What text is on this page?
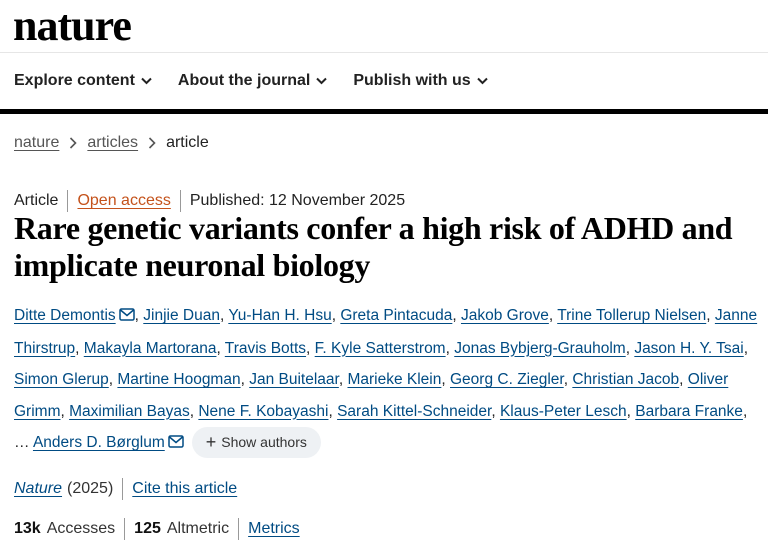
nature
Explore content	About the journal	Publish with us
nature articles article
Article Open access Published: 12 November 2025
Rare genetic variants confer a high risk of ADHD and implicate neuronal biology
Ditte Demontis , Jinjie Duan, Yu-Han H. Hsu, Greta Pintacuda, Jakob Grove, Trine Tollerup Nielsen, Janne Thirstrup, Makayla Martorana, Travis Botts, F. Kyle Satterstrom, Jonas Bybjerg-Grauholm, Jason H. Y. Tsai, Simon Glerup, Martine Hoogman, Jan Buitelaar, Marieke Klein, Georg C. Ziegler, Christian Jacob, Oliver Grimm, Maximilian Bayas, Nene F. Kobayashi, Sarah Kittel-Schneider, Klaus-Peter Lesch, Barbara Franke, … Anders D. Børglum + Show authors
Nature (2025) Cite this article
13k Accesses 125 Altmetric Metrics
